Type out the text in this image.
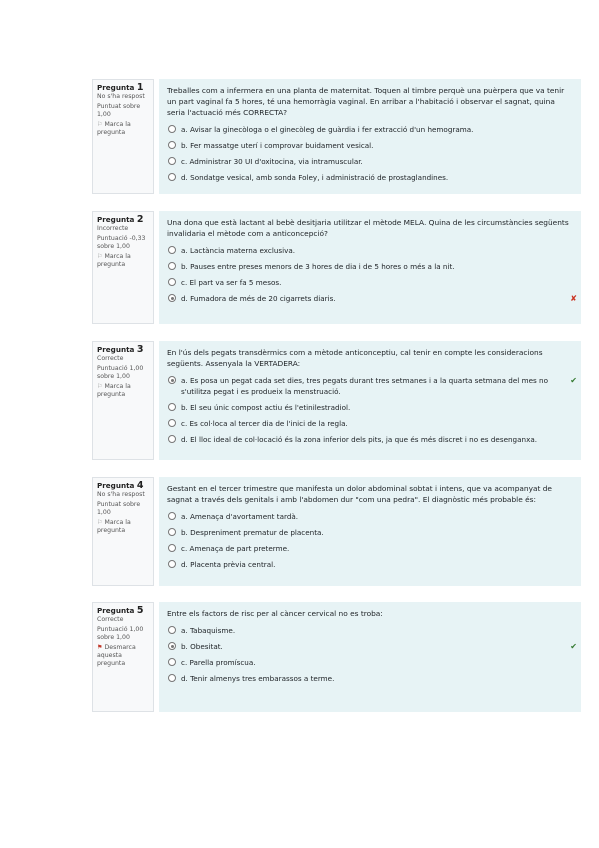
Pregunta 1
No s'ha respost
Puntuat sobre 1,00
⚐ Marca la pregunta

Treballes com a infermera en una planta de maternitat. Toquen al timbre perquè una puèrpera que va tenir un part vaginal fa 5 hores, té una hemorràgia vaginal. En arribar a l'habitació i observar el sagnat, quina seria l'actuació més CORRECTA?

a. Avisar la ginecòloga o el ginecòleg de guàrdia i fer extracció d'un hemograma.
b. Fer massatge uterí i comprovar buidament vesical.
c. Administrar 30 UI d'oxitocina, via intramuscular.
d. Sondatge vesical, amb sonda Foley, i administració de prostaglandines.
Pregunta 2
Incorrecte
Puntuació -0,33 sobre 1,00
⚐ Marca la pregunta

Una dona que està lactant al bebè desitjaria utilitzar el mètode MELA. Quina de les circumstàncies següents invalidaria el mètode com a anticoncepció?

a. Lactància materna exclusiva.
b. Pauses entre preses menors de 3 hores de dia i de 5 hores o més a la nit.
c. El part va ser fa 5 mesos.
d. Fumadora de més de 20 cigarrets diaris.	✘
Pregunta 3
Correcte
Puntuació 1,00 sobre 1,00
⚐ Marca la pregunta

En l'ús dels pegats transdèrmics com a mètode anticonceptiu, cal tenir en compte les consideracions següents. Assenyala la VERTADERA:

a. Es posa un pegat cada set dies, tres pegats durant tres setmanes i a la quarta setmana del mes no s'utilitza pegat i es produeix la menstruació.
✔
b. El seu únic compost actiu és l'etinilestradiol.
c. Es col·loca al tercer dia de l'inici de la regla.
d. El lloc ideal de col·locació és la zona inferior dels pits, ja que és més discret i no es desenganxa.
Pregunta 4
No s'ha respost
Puntuat sobre 1,00
⚐ Marca la pregunta

Gestant en el tercer trimestre que manifesta un dolor abdominal sobtat i intens, que va acompanyat de sagnat a través dels genitals i amb l'abdomen dur "com una pedra". El diagnòstic més probable és:

a. Amenaça d'avortament tardà.
b. Despreniment prematur de placenta.
c. Amenaça de part preterme.
d. Placenta prèvia central.
Pregunta 5
Correcte
Puntuació 1,00 sobre 1,00
⚑ Desmarca aquesta pregunta

Entre els factors de risc per al càncer cervical no es troba:

a. Tabaquisme.
b. Obesitat.	✔
c. Parella promíscua.
d. Tenir almenys tres embarassos a terme.
